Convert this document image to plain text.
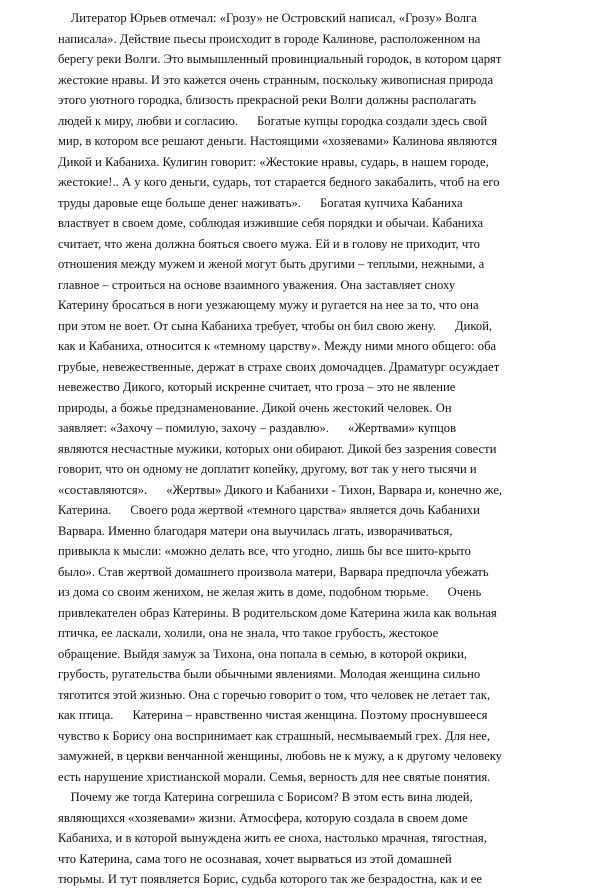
Литератор Юрьев отмечал: «Грозу» не Островский написал, «Грозу» Волга
написала». Действие пьесы происходит в городе Калинове, расположенном на
берегу реки Волги. Это вымышленный провинциальный городок, в котором царят
жестокие нравы. И это кажется очень странным, поскольку живописная природа
этого уютного городка, близость прекрасной реки Волги должны располагать
людей к миру, любви и согласию.      Богатые купцы городка создали здесь свой
мир, в котором все решают деньги. Настоящими «хозяевами» Калинова являются
Дикой и Кабаниха. Кулигин говорит: «Жестокие нравы, сударь, в нашем городе,
жестокие!.. А у кого деньги, сударь, тот старается бедного закабалить, чтоб на его
труды даровые еще больше денег наживать».      Богатая купчиха Кабаниха
властвует в своем доме, соблюдая изжившие себя порядки и обычаи. Кабаниха
считает, что жена должна бояться своего мужа. Ей и в голову не приходит, что
отношения между мужем и женой могут быть другими – теплыми, нежными, а
главное – строиться на основе взаимного уважения. Она заставляет сноху
Катерину бросаться в ноги уезжающему мужу и ругается на нее за то, что она
при этом не воет. От сына Кабаниха требует, чтобы он бил свою жену.      Дикой,
как и Кабаниха, относится к «темному царству». Между ними много общего: оба
грубые, невежественные, держат в страхе своих домочадцев. Драматург осуждает
невежество Дикого, который искренне считает, что гроза – это не явление
природы, а божье предзнаменование. Дикой очень жестокий человек. Он
заявляет: «Захочу – помилую, захочу – раздавлю».      «Жертвами» купцов
являются несчастные мужики, которых они обирают. Дикой без зазрения совести
говорит, что он одному не доплатит копейку, другому, вот так у него тысячи и
«составляются».      «Жертвы» Дикого и Кабанихи - Тихон, Варвара и, конечно же,
Катерина.      Своего рода жертвой «темного царства» является дочь Кабанихи
Варвара. Именно благодаря матери она выучилась лгать, изворачиваться,
привыкла к мысли: «можно делать все, что угодно, лишь бы все шито-крыто
было». Став жертвой домашнего произвола матери, Варвара предпочла убежать
из дома со своим женихом, не желая жить в доме, подобном тюрьме.      Очень
привлекателен образ Катерины. В родительском доме Катерина жила как вольная
птичка, ее ласкали, холили, она не знала, что такое грубость, жестокое
обращение. Выйдя замуж за Тихона, она попала в семью, в которой окрики,
грубость, ругательства были обычными явлениями. Молодая женщина сильно
тяготится этой жизнью. Она с горечью говорит о том, что человек не летает так,
как птица.      Катерина – нравственно чистая женщина. Поэтому проснувшееся
чувство к Борису она воспринимает как страшный, несмываемый грех. Для нее,
замужней, в церкви венчанной женщины, любовь не к мужу, а к другому человеку
есть нарушение христианской морали. Семья, верность для нее святые понятия.
Почему же тогда Катерина согрешила с Борисом? В этом есть вина людей,
являющихся «хозяевами» жизни. Атмосфера, которую создала в своем доме
Кабаниха, и в которой вынуждена жить ее сноха, настолько мрачная, тягостная,
что Катерина, сама того не осознавая, хочет вырваться из этой домашней
тюрьмы. И тут появляется Борис, судьба которого так же безрадостна, как и ее
